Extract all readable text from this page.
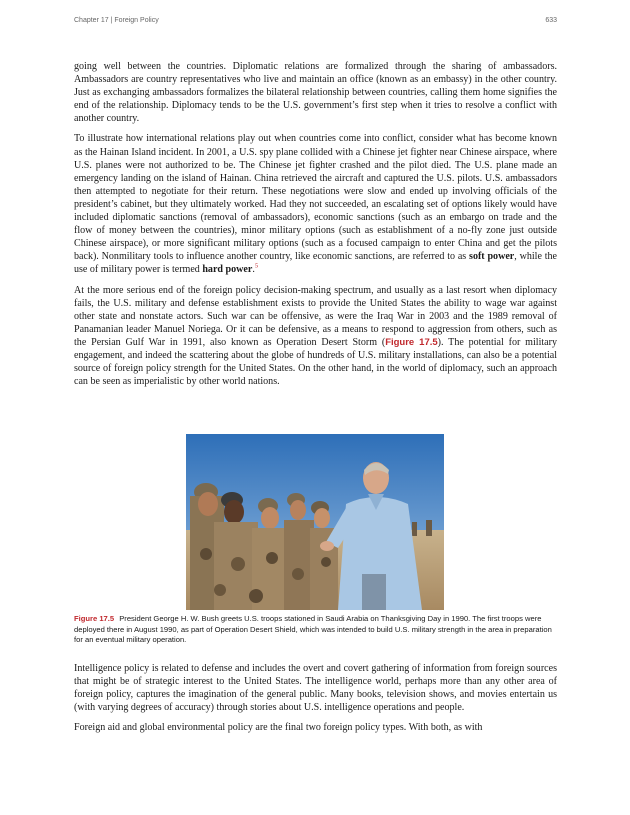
Chapter 17 | Foreign Policy	633

going well between the countries. Diplomatic relations are formalized through the sharing of ambassadors. Ambassadors are country representatives who live and maintain an office (known as an embassy) in the other country. Just as exchanging ambassadors formalizes the bilateral relationship between countries, calling them home signifies the end of the relationship. Diplomacy tends to be the U.S. government’s first step when it tries to resolve a conflict with another country.

To illustrate how international relations play out when countries come into conflict, consider what has become known as the Hainan Island incident. In 2001, a U.S. spy plane collided with a Chinese jet fighter near Chinese airspace, where U.S. planes were not authorized to be. The Chinese jet fighter crashed and the pilot died. The U.S. plane made an emergency landing on the island of Hainan. China retrieved the aircraft and captured the U.S. pilots. U.S. ambassadors then attempted to negotiate for their return. These negotiations were slow and ended up involving officials of the president’s cabinet, but they ultimately worked. Had they not succeeded, an escalating set of options likely would have included diplomatic sanctions (removal of ambassadors), economic sanctions (such as an embargo on trade and the flow of money between the countries), minor military options (such as establishment of a no-fly zone just outside Chinese airspace), or more significant military options (such as a focused campaign to enter China and get the pilots back). Nonmilitary tools to influence another country, like economic sanctions, are referred to as soft power, while the use of military power is termed hard power.$^5$

At the more serious end of the foreign policy decision-making spectrum, and usually as a last resort when diplomacy fails, the U.S. military and defense establishment exists to provide the United States the ability to wage war against other state and nonstate actors. Such war can be offensive, as were the Iraq War in 2003 and the 1989 removal of Panamanian leader Manuel Noriega. Or it can be defensive, as a means to respond to aggression from others, such as the Persian Gulf War in 1991, also known as Operation Desert Storm (Figure 17.5). The potential for military engagement, and indeed the scattering about the globe of hundreds of U.S. military installations, can also be a potential source of foreign policy strength for the United States. On the other hand, in the world of diplomacy, such an approach can be seen as imperialistic by other world nations.

Figure 17.5 President George H. W. Bush greets U.S. troops stationed in Saudi Arabia on Thanksgiving Day in 1990. The first troops were deployed there in August 1990, as part of Operation Desert Shield, which was intended to build U.S. military strength in the area in preparation for an eventual military operation.

Intelligence policy is related to defense and includes the overt and covert gathering of information from foreign sources that might be of strategic interest to the United States. The intelligence world, perhaps more than any other area of foreign policy, captures the imagination of the general public. Many books, television shows, and movies entertain us (with varying degrees of accuracy) through stories about U.S. intelligence operations and people.

Foreign aid and global environmental policy are the final two foreign policy types. With both, as with
